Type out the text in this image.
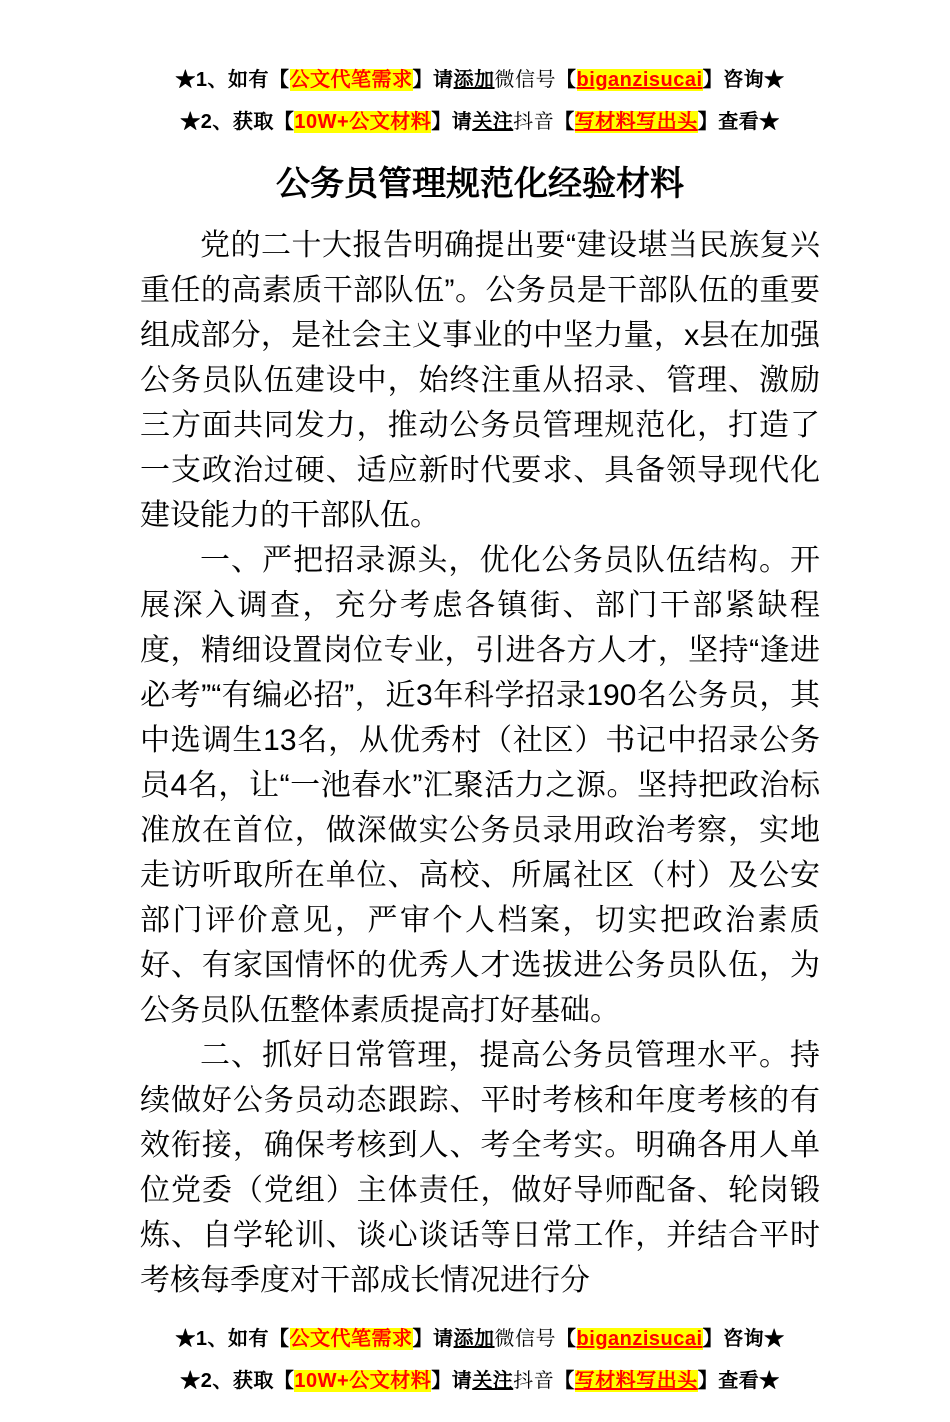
★1、如有【公文代笔需求】请添加微信号【biganzisucai】咨询★
★2、获取【10W+公文材料】请关注抖音【写材料写出头】查看★
公务员管理规范化经验材料

党的二十大报告明确提出要“建设堪当民族复兴重任的高素质干部队伍”。公务员是干部队伍的重要组成部分，是社会主义事业的中坚力量，x县在加强公务员队伍建设中，始终注重从招录、管理、激励三方面共同发力，推动公务员管理规范化，打造了一支政治过硬、适应新时代要求、具备领导现代化建设能力的干部队伍。

一、严把招录源头，优化公务员队伍结构。开展深入调查，充分考虑各镇街、部门干部紧缺程度，精细设置岗位专业，引进各方人才，坚持“逢进必考”“有编必招”，近3年科学招录190名公务员，其中选调生13名，从优秀村（社区）书记中招录公务员4名，让“一池春水”汇聚活力之源。坚持把政治标准放在首位，做深做实公务员录用政治考察，实地走访听取所在单位、高校、所属社区（村）及公安部门评价意见，严审个人档案，切实把政治素质好、有家国情怀的优秀人才选拔进公务员队伍，为公务员队伍整体素质提高打好基础。

二、抓好日常管理，提高公务员管理水平。持续做好公务员动态跟踪、平时考核和年度考核的有效衔接，确保考核到人、考全考实。明确各用人单位党委（党组）主体责任，做好导师配备、轮岗锻炼、自学轮训、谈心谈话等日常工作，并结合平时考核每季度对干部成长情况进行分

★1、如有【公文代笔需求】请添加微信号【biganzisucai】咨询★
★2、获取【10W+公文材料】请关注抖音【写材料写出头】查看★
